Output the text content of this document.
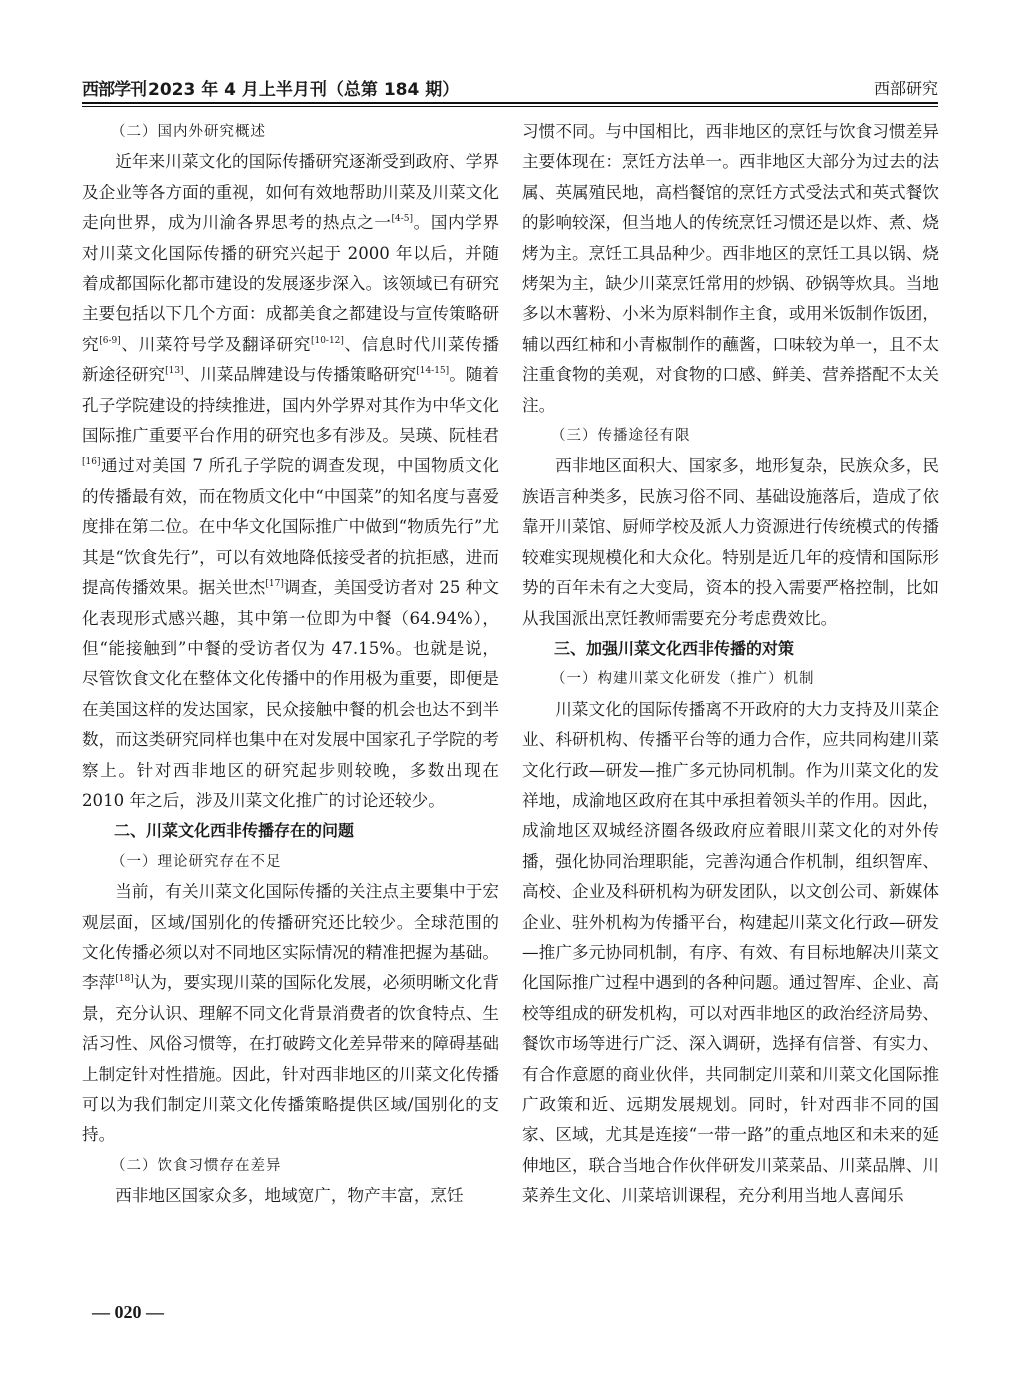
西部学刊 2023 年 4 月上半月刊（总第 184 期）	西部研究
（二）国内外研究概述
近年来川菜文化的国际传播研究逐渐受到政府、学界及企业等各方面的重视，如何有效地帮助川菜及川菜文化走向世界，成为川渝各界思考的热点之一[4-5]。国内学界对川菜文化国际传播的研究兴起于 2000 年以后，并随着成都国际化都市建设的发展逐步深入。该领域已有研究主要包括以下几个方面：成都美食之都建设与宣传策略研究[6-9]、川菜符号学及翻译研究[10-12]、信息时代川菜传播新途径研究[13]、川菜品牌建设与传播策略研究[14-15]。随着孔子学院建设的持续推进，国内外学界对其作为中华文化国际推广重要平台作用的研究也多有涉及。吴瑛、阮桂君[16]通过对美国 7 所孔子学院的调查发现，中国物质文化的传播最有效，而在物质文化中“中国菜”的知名度与喜爱度排在第二位。在中华文化国际推广中做到“物质先行”尤其是“饮食先行”，可以有效地降低接受者的抗拒感，进而提高传播效果。据关世杰[17]调查，美国受访者对 25 种文化表现形式感兴趣，其中第一位即为中餐（64.94%），但“能接触到”中餐的受访者仅为 47.15%。也就是说，尽管饮食文化在整体文化传播中的作用极为重要，即便是在美国这样的发达国家，民众接触中餐的机会也达不到半数，而这类研究同样也集中在对发展中国家孔子学院的考察上。针对西非地区的研究起步则较晚，多数出现在 2010 年之后，涉及川菜文化推广的讨论还较少。
二、川菜文化西非传播存在的问题
（一）理论研究存在不足
当前，有关川菜文化国际传播的关注点主要集中于宏观层面，区域/国别化的传播研究还比较少。全球范围的文化传播必须以对不同地区实际情况的精准把握为基础。李萍[18]认为，要实现川菜的国际化发展，必须明晰文化背景，充分认识、理解不同文化背景消费者的饮食特点、生活习性、风俗习惯等，在打破跨文化差异带来的障碍基础上制定针对性措施。因此，针对西非地区的川菜文化传播可以为我们制定川菜文化传播策略提供区域/国别化的支持。
（二）饮食习惯存在差异
西非地区国家众多，地域宽广，物产丰富，烹饪
习惯不同。与中国相比，西非地区的烹饪与饮食习惯差异主要体现在：烹饪方法单一。西非地区大部分为过去的法属、英属殖民地，高档餐馆的烹饪方式受法式和英式餐饮的影响较深，但当地人的传统烹饪习惯还是以炸、煮、烧烤为主。烹饪工具品种少。西非地区的烹饪工具以锅、烧烤架为主，缺少川菜烹饪常用的炒锅、砂锅等炊具。当地多以木薯粉、小米为原料制作主食，或用米饭制作饭团，辅以西红柿和小青椒制作的蘸酱，口味较为单一，且不太注重食物的美观，对食物的口感、鲜美、营养搭配不太关注。
（三）传播途径有限
西非地区面积大、国家多，地形复杂，民族众多，民族语言种类多，民族习俗不同、基础设施落后，造成了依靠开川菜馆、厨师学校及派人力资源进行传统模式的传播较难实现规模化和大众化。特别是近几年的疫情和国际形势的百年未有之大变局，资本的投入需要严格控制，比如从我国派出烹饪教师需要充分考虑费效比。
三、加强川菜文化西非传播的对策
（一）构建川菜文化研发（推广）机制
川菜文化的国际传播离不开政府的大力支持及川菜企业、科研机构、传播平台等的通力合作，应共同构建川菜文化行政—研发—推广多元协同机制。作为川菜文化的发祥地，成渝地区政府在其中承担着领头羊的作用。因此，成渝地区双城经济圈各级政府应着眼川菜文化的对外传播，强化协同治理职能，完善沟通合作机制，组织智库、高校、企业及科研机构为研发团队，以文创公司、新媒体企业、驻外机构为传播平台，构建起川菜文化行政—研发—推广多元协同机制，有序、有效、有目标地解决川菜文化国际推广过程中遇到的各种问题。通过智库、企业、高校等组成的研发机构，可以对西非地区的政治经济局势、餐饮市场等进行广泛、深入调研，选择有信誉、有实力、有合作意愿的商业伙伴，共同制定川菜和川菜文化国际推广政策和近、远期发展规划。同时，针对西非不同的国家、区域，尤其是连接“一带一路”的重点地区和未来的延伸地区，联合当地合作伙伴研发川菜菜品、川菜品牌、川菜养生文化、川菜培训课程，充分利用当地人喜闻乐
— 020 —
